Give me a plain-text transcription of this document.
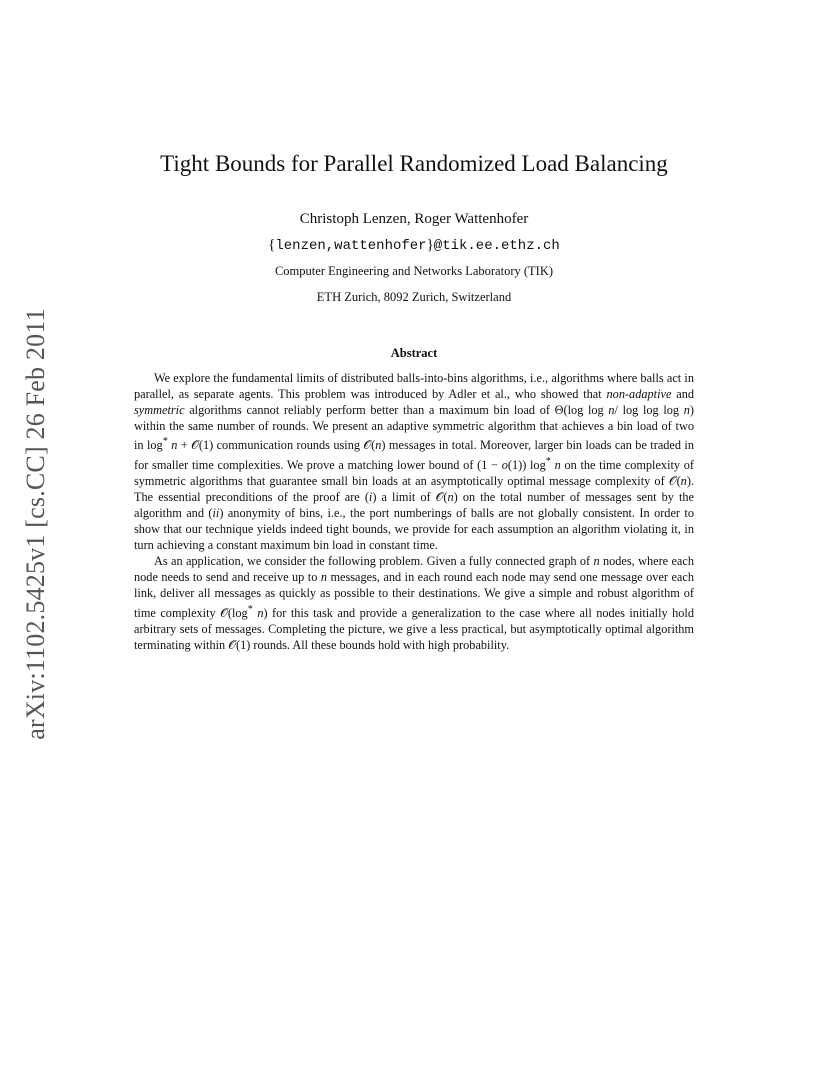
arXiv:1102.5425v1 [cs.CC] 26 Feb 2011
Tight Bounds for Parallel Randomized Load Balancing
Christoph Lenzen, Roger Wattenhofer
{lenzen,wattenhofer}@tik.ee.ethz.ch
Computer Engineering and Networks Laboratory (TIK)
ETH Zurich, 8092 Zurich, Switzerland
Abstract

We explore the fundamental limits of distributed balls-into-bins algorithms, i.e., algorithms where balls act in parallel, as separate agents. This problem was introduced by Adler et al., who showed that non-adaptive and symmetric algorithms cannot reliably perform better than a maximum bin load of Θ(log log n/ log log log n) within the same number of rounds. We present an adaptive symmetric algorithm that achieves a bin load of two in log* n + 𝒪(1) communication rounds using 𝒪(n) messages in total. Moreover, larger bin loads can be traded in for smaller time complexities. We prove a matching lower bound of (1 − o(1)) log* n on the time complexity of symmetric algorithms that guarantee small bin loads at an asymptotically optimal message complexity of 𝒪(n). The essential preconditions of the proof are (i) a limit of 𝒪(n) on the total number of messages sent by the algorithm and (ii) anonymity of bins, i.e., the port numberings of balls are not globally consistent. In order to show that our technique yields indeed tight bounds, we provide for each assumption an algorithm violating it, in turn achieving a constant maximum bin load in constant time.

As an application, we consider the following problem. Given a fully connected graph of n nodes, where each node needs to send and receive up to n messages, and in each round each node may send one message over each link, deliver all messages as quickly as possible to their destinations. We give a simple and robust algorithm of time complexity 𝒪(log* n) for this task and provide a generalization to the case where all nodes initially hold arbitrary sets of messages. Completing the picture, we give a less practical, but asymptotically optimal algorithm terminating within 𝒪(1) rounds. All these bounds hold with high probability.
